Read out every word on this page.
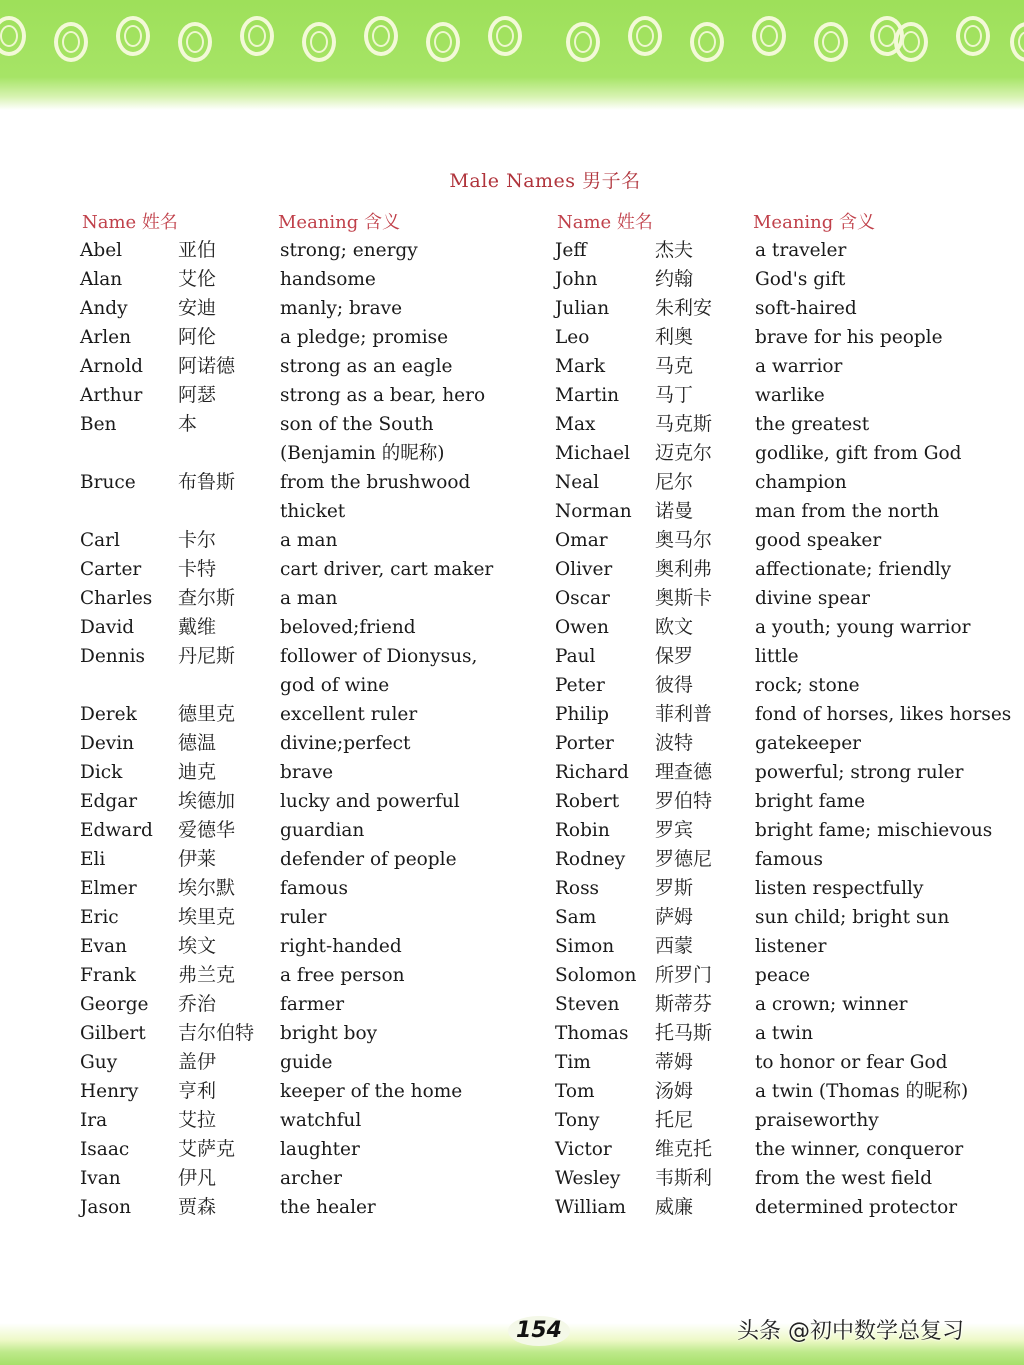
Male Names 男子名
Name 姓名	Meaning 含义
Abel	亚伯	strong; energy
Alan	艾伦	handsome
Andy	安迪	manly; brave
Arlen 阿伦	a pledge; promise
Arnold 阿诺德 strong as an eagle
Arthur 阿瑟	strong as a bear, hero
Ben	本	son of the South
(Benjamin 的昵称)
Bruce 布鲁斯 from the brushwood
thicket
Carl	卡尔	a man
Carter 卡特	cart driver, cart maker
Charles 查尔斯 a man
David 戴维	beloved;friend
Dennis 丹尼斯 follower of Dionysus,
god of wine
Derek 德里克 excellent ruler
Devin 德温	divine;perfect
Dick	迪克	brave
Edgar 埃德加 lucky and powerful
Edward 爱德华 guardian
Eli	伊莱	defender of people
Elmer 埃尔默 famous
Eric	埃里克 ruler
Evan	埃文	right-handed
Frank 弗兰克 a free person
George 乔治	farmer
Gilbert 吉尔伯特 bright boy
Guy	盖伊	guide
Henry 亨利	keeper of the home
Ira	艾拉	watchful
Isaac	艾萨克 laughter
Ivan	伊凡	archer
Jason 贾森	the healer
Name 姓名	Meaning 含义
Jeff	杰夫	a traveler
John	约翰	God's gift
Julian 朱利安 soft-haired
Leo	利奥	brave for his people
Mark	马克	a warrior
Martin 马丁	warlike
Max	马克斯 the greatest
Michael 迈克尔 godlike, gift from God
Neal	尼尔	champion
Norman 诺曼	man from the north
Omar 奥马尔 good speaker
Oliver 奥利弗 affectionate; friendly
Oscar 奥斯卡 divine spear
Owen 欧文	a youth; young warrior
Paul	保罗	little
Peter	彼得	rock; stone
Philip 菲利普 fond of horses, likes horses
Porter 波特	gatekeeper
Richard 理查德 powerful; strong ruler
Robert 罗伯特 bright fame
Robin 罗宾	bright fame; mischievous
Rodney 罗德尼 famous
Ross	罗斯	listen respectfully
Sam	萨姆	sun child; bright sun
Simon 西蒙	listener
Solomon 所罗门 peace
Steven 斯蒂芬 a crown; winner
Thomas 托马斯 a twin
Tim	蒂姆	to honor or fear God
Tom	汤姆	a twin (Thomas 的昵称)
Tony	托尼	praiseworthy
Victor 维克托 the winner, conqueror
Wesley 韦斯利 from the west field
William 威廉	determined protector
154	头条 @初中数学总复习
